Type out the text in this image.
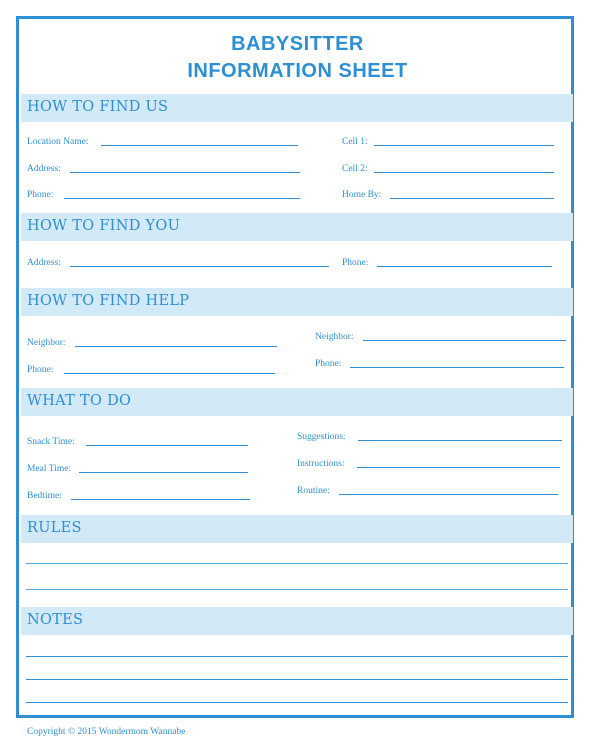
BABYSITTER
INFORMATION SHEET
HOW TO FIND US
Location Name:
Address:
Phone:
Cell 1:
Cell 2:
Home By:
HOW TO FIND YOU
Address:	Phone:
HOW TO FIND HELP
Neighbor:
Phone:
Neighbor:
Phone:
WHAT TO DO
Snack Time:
Meal Time:
Bedtime:
Suggestions:
Instructions:
Routine:
RULES
NOTES
Copyright © 2015 Wondermom Wannabe
